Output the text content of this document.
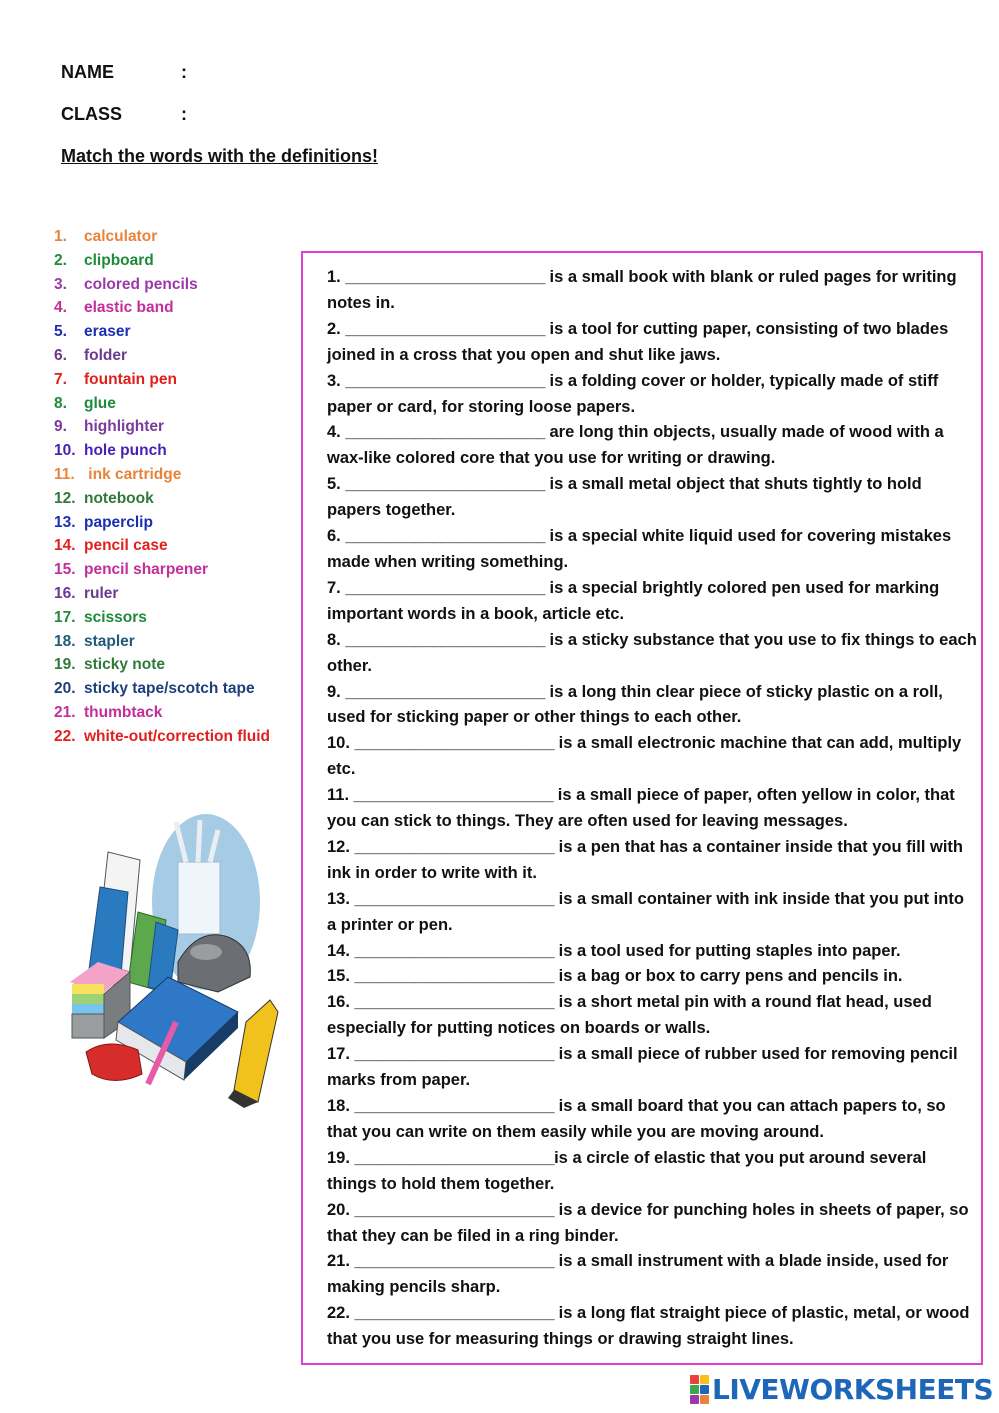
NAME	:
CLASS	:
Match the words with the definitions!
1.	calculator
2.	clipboard
3.	colored pencils
4.	elastic band
5.	eraser
6.	folder
7.	fountain pen
8.	glue
9.	highlighter
10. hole punch
11. ink cartridge
12. notebook
13. paperclip
14. pencil case
15. pencil sharpener
16. ruler
17. scissors
18. stapler
19. sticky note
20. sticky tape/scotch tape
21. thumbtack
22. white-out/correction fluid
1. _______________________ is a small book with blank or ruled pages for writing notes in.
2. _______________________ is a tool for cutting paper, consisting of two blades joined in a cross that you open and shut like jaws.
3. _______________________ is a folding cover or holder, typically made of stiff paper or card, for storing loose papers.
4. _______________________ are long thin objects, usually made of wood with a wax-like colored core that you use for writing or drawing.
5. _______________________ is a small metal object that shuts tightly to hold papers together.
6. _______________________ is a special white liquid used for covering mistakes made when writing something.
7. _______________________ is a special brightly colored pen used for marking important words in a book, article etc.
8. _______________________ is a sticky substance that you use to fix things to each other.
9. _______________________ is a long thin clear piece of sticky plastic on a roll, used for sticking paper or other things to each other.
10. _______________________ is a small electronic machine that can add, multiply etc.
11. _______________________ is a small piece of paper, often yellow in color, that you can stick to things. They are often used for leaving messages.
12. _______________________ is a pen that has a container inside that you fill with ink in order to write with it.
13. _______________________ is a small container with ink inside that you put into a printer or pen.
14. _______________________ is a tool used for putting staples into paper.
15. _______________________ is a bag or box to carry pens and pencils in.
16. _______________________ is a short metal pin with a round flat head, used especially for putting notices on boards or walls.
17. _______________________ is a small piece of rubber used for removing pencil marks from paper.
18. _______________________ is a small board that you can attach papers to, so that you can write on them easily while you are moving around.
19. _______________________is a circle of elastic that you put around several things to hold them together.
20. _______________________ is a device for punching holes in sheets of paper, so that they can be filed in a ring binder.
21. _______________________ is a small instrument with a blade inside, used for making pencils sharp.
22. _______________________ is a long flat straight piece of plastic, metal, or wood that you use for measuring things or drawing straight lines.
LIVEWORKSHEETS
